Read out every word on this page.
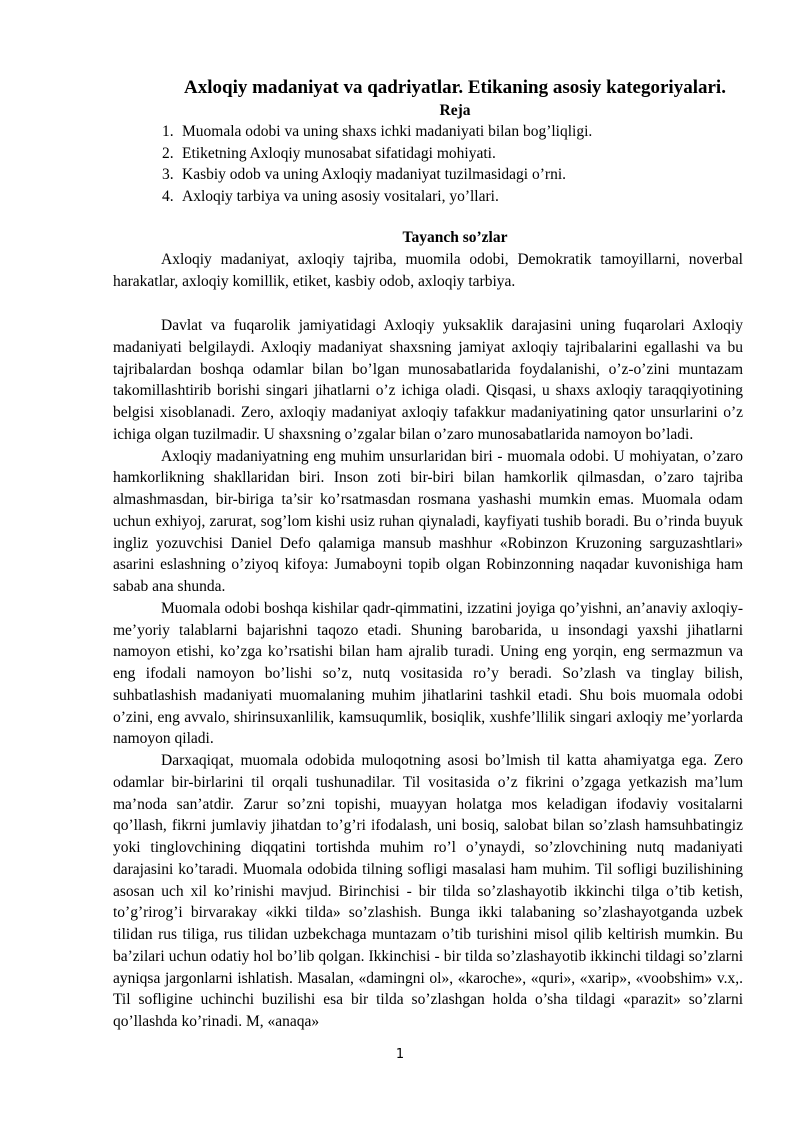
Axloqiy madaniyat va qadriyatlar. Etikaning asosiy kategoriyalari.
Reja
1. Muomala odobi va uning shaxs ichki madaniyati bilan bog’liqligi.
2. Etiketning Axloqiy munosabat sifatidagi mohiyati.
3. Kasbiy odob va uning Axloqiy madaniyat tuzilmasidagi o’rni.
4. Axloqiy tarbiya va uning asosiy vositalari, yo’llari.
Tayanch so’zlar

Axloqiy madaniyat, axloqiy tajriba, muomila odobi, Demokratik tamoyillarni, noverbal harakatlar, axloqiy komillik, etiket, kasbiy odob, axloqiy tarbiya.

Davlat va fuqarolik jamiyatidagi Axloqiy yuksaklik darajasini uning fuqarolari Axloqiy madaniyati belgilaydi. Axloqiy madaniyat shaxsning jamiyat axloqiy tajribalarini egallashi va bu tajribalardan boshqa odamlar bilan bo’lgan munosabatlarida foydalanishi, o’z-o’zini muntazam takomillashtirib borishi singari jihatlarni o’z ichiga oladi. Qisqasi, u shaxs axloqiy taraqqiyotining belgisi xisoblanadi. Zero, axloqiy madaniyat axloqiy tafakkur madaniyatining qator unsurlarini o’z ichiga olgan tuzilmadir. U shaxsning o’zgalar bilan o’zaro munosabatlarida namoyon bo’ladi.

Axloqiy madaniyatning eng muhim unsurlaridan biri - muomala odobi. U mohiyatan, o’zaro hamkorlikning shakllaridan biri. Inson zoti bir-biri bilan hamkorlik qilmasdan, o’zaro tajriba almashmasdan, bir-biriga ta’sir ko’rsatmasdan rosmana yashashi mumkin emas. Muomala odam uchun exhiyoj, zarurat, sog’lom kishi usiz ruhan qiynaladi, kayfiyati tushib boradi. Bu o’rinda buyuk ingliz yozuvchisi Daniel Defo qalamiga mansub mashhur «Robinzon Kruzoning sarguzashtlari» asarini eslashning o’ziyoq kifoya: Jumaboyni topib olgan Robinzonning naqadar kuvonishiga ham sabab ana shunda.

Muomala odobi boshqa kishilar qadr-qimmatini, izzatini joyiga qo’yishni, an’anaviy axloqiy-me’yoriy talablarni bajarishni taqozo etadi. Shuning barobarida, u insondagi yaxshi jihatlarni namoyon etishi, ko’zga ko’rsatishi bilan ham ajralib turadi. Uning eng yorqin, eng sermazmun va eng ifodali namoyon bo’lishi so’z, nutq vositasida ro’y beradi. So’zlash va tinglay bilish, suhbatlashish madaniyati muomalaning muhim jihatlarini tashkil etadi. Shu bois muomala odobi o’zini, eng avvalo, shirinsuxanlilik, kamsuqumlik, bosiqlik, xushfe’llilik singari axloqiy me’yorlarda namoyon qiladi.

Darxaqiqat, muomala odobida muloqotning asosi bo’lmish til katta ahamiyatga ega. Zero odamlar bir-birlarini til orqali tushunadilar. Til vositasida o’z fikrini o’zgaga yetkazish ma’lum ma’noda san’atdir. Zarur so’zni topishi, muayyan holatga mos keladigan ifodaviy vositalarni qo’llash, fikrni jumlaviy jihatdan to’g’ri ifodalash, uni bosiq, salobat bilan so’zlash hamsuhbatingiz yoki tinglovchining diqqatini tortishda muhim ro’l o’ynaydi, so’zlovchining nutq madaniyati darajasini ko’taradi. Muomala odobida tilning sofligi masalasi ham muhim. Til sofligi buzilishining asosan uch xil ko’rinishi mavjud. Birinchisi - bir tilda so’zlashayotib ikkinchi tilga o’tib ketish, to’g’rirog’i birvarakay «ikki tilda» so’zlashish. Bunga ikki talabaning so’zlashayotganda uzbek tilidan rus tiliga, rus tilidan uzbekchaga muntazam o’tib turishini misol qilib keltirish mumkin. Bu ba’zilari uchun odatiy hol bo’lib qolgan. Ikkinchisi - bir tilda so’zlashayotib ikkinchi tildagi so’zlarni ayniqsa jargonlarni ishlatish. Masalan, «damingni ol», «karoche», «quri», «xarip», «voobshim» v.x,. Til sofliginе uchinchi buzilishi esa bir tilda so’zlashgan holda o’sha tildagi «parazit» so’zlarni qo’llashda ko’rinadi. M, «anaqa»

1
